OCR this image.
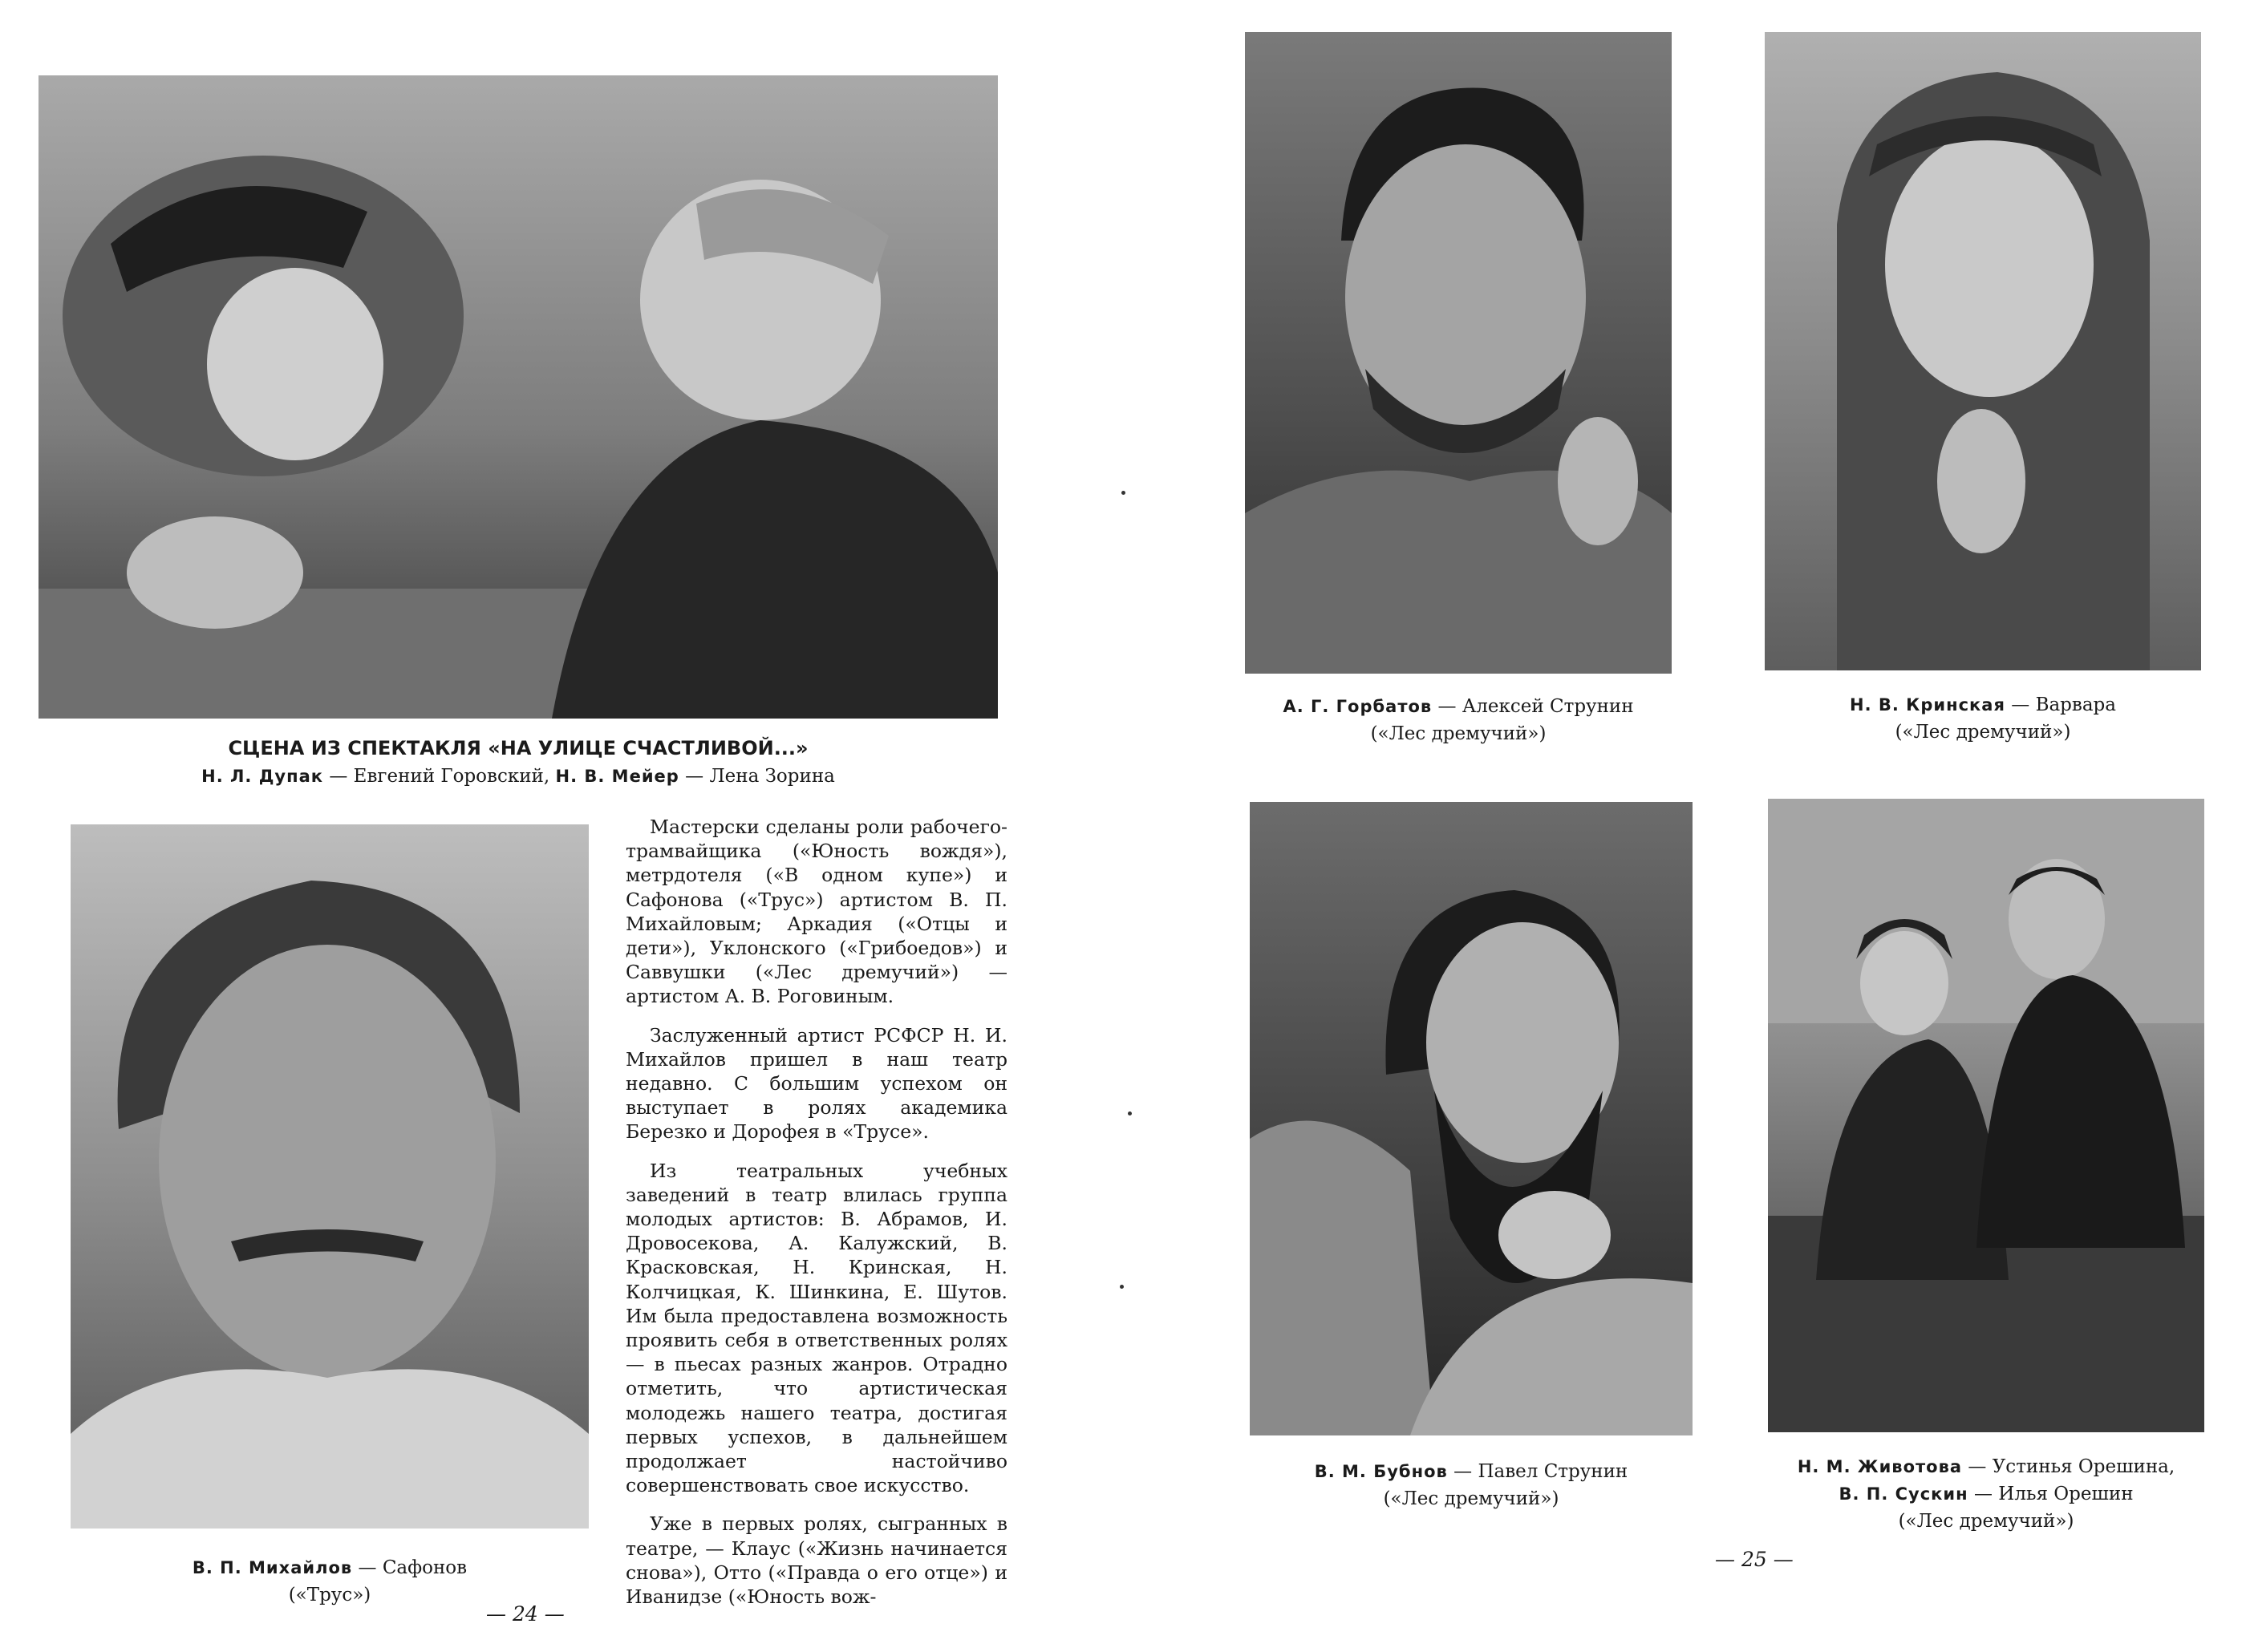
СЦЕНА ИЗ СПЕКТАКЛЯ «НА УЛИЦЕ СЧАСТЛИВОЙ...»
Н. Л. Дупак — Евгений Горовский, Н. В. Мейер — Лена Зорина
В. П. Михайлов — Сафонов
(«Трус»)

Мастерски сделаны роли рабочего-трамвайщика («Юность вождя»), метрдотеля («В одном купе») и Сафонова («Трус») артистом В. П. Михайловым; Аркадия («Отцы и дети»), Уклонского («Грибоедов») и Саввушки («Лес дремучий») — артистом А. В. Роговиным.

Заслуженный артист РСФСР Н. И. Михайлов пришел в наш театр недавно. С большим успехом он выступает в ролях академика Березко и Дорофея в «Трусе».

Из театральных учебных заведений в театр влилась группа молодых артистов: В. Абрамов, И. Дровосекова, А. Калужский, В. Красковская, Н. Кринская, Н. Колчицкая, К. Шинкина, Е. Шутов. Им была предоставлена возможность проявить себя в ответственных ролях — в пьесах разных жанров. Отрадно отметить, что артистическая молодежь нашего театра, достигая первых успехов, в дальнейшем продолжает настойчиво совершенствовать свое искусство.

Уже в первых ролях, сыгранных в театре, — Клаус («Жизнь начинается снова»), Отто («Правда о его отце») и Иванидзе («Юность вож-

— 24 —
А. Г. Горбатов — Алексей Струнин
(«Лес дремучий»)
Н. В. Кринская — Варвара
(«Лес дремучий»)
В. М. Бубнов — Павел Струнин
(«Лес дремучий»)
Н. М. Животова — Устинья Орешина,
В. П. Сускин — Илья Орешин
(«Лес дремучий»)
— 25 —
